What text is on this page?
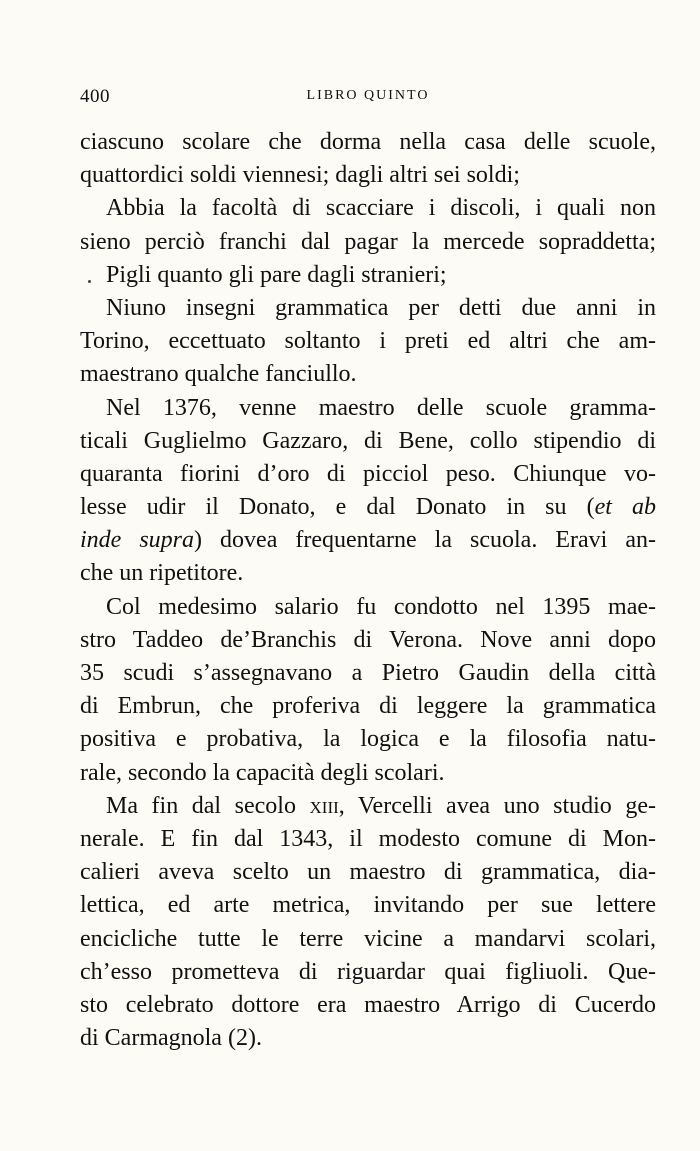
400	LIBRO QUINTO
ciascuno scolare che dorma nella casa delle scuole,
quattordici soldi viennesi; dagli altri sei soldi;
Abbia la facoltà di scacciare i discoli, i quali non
sieno perciò franchi dal pagar la mercede sopraddetta;
Pigli quanto gli pare dagli stranieri;
Niuno insegni grammatica per detti due anni in
Torino, eccettuato soltanto i preti ed altri che am-
maestrano qualche fanciullo.
Nel 1376, venne maestro delle scuole gramma-
ticali Guglielmo Gazzaro, di Bene, collo stipendio di
quaranta fiorini d’oro di picciol peso. Chiunque vo-
lesse udir il Donato, e dal Donato in su (et ab
inde supra) dovea frequentarne la scuola. Eravi an-
che un ripetitore.
Col medesimo salario fu condotto nel 1395 mae-
stro Taddeo de’Branchis di Verona. Nove anni dopo
35 scudi s’assegnavano a Pietro Gaudin della città
di Embrun, che proferiva di leggere la grammatica
positiva e probativa, la logica e la filosofia natu-
rale, secondo la capacità degli scolari.
Ma fin dal secolo xiii, Vercelli avea uno studio ge-
nerale. E fin dal 1343, il modesto comune di Mon-
calieri aveva scelto un maestro di grammatica, dia-
lettica, ed arte metrica, invitando per sue lettere
encicliche tutte le terre vicine a mandarvi scolari,
ch’esso prometteva di riguardar quai figliuoli. Que-
sto celebrato dottore era maestro Arrigo di Cucerdo
di Carmagnola (2).
